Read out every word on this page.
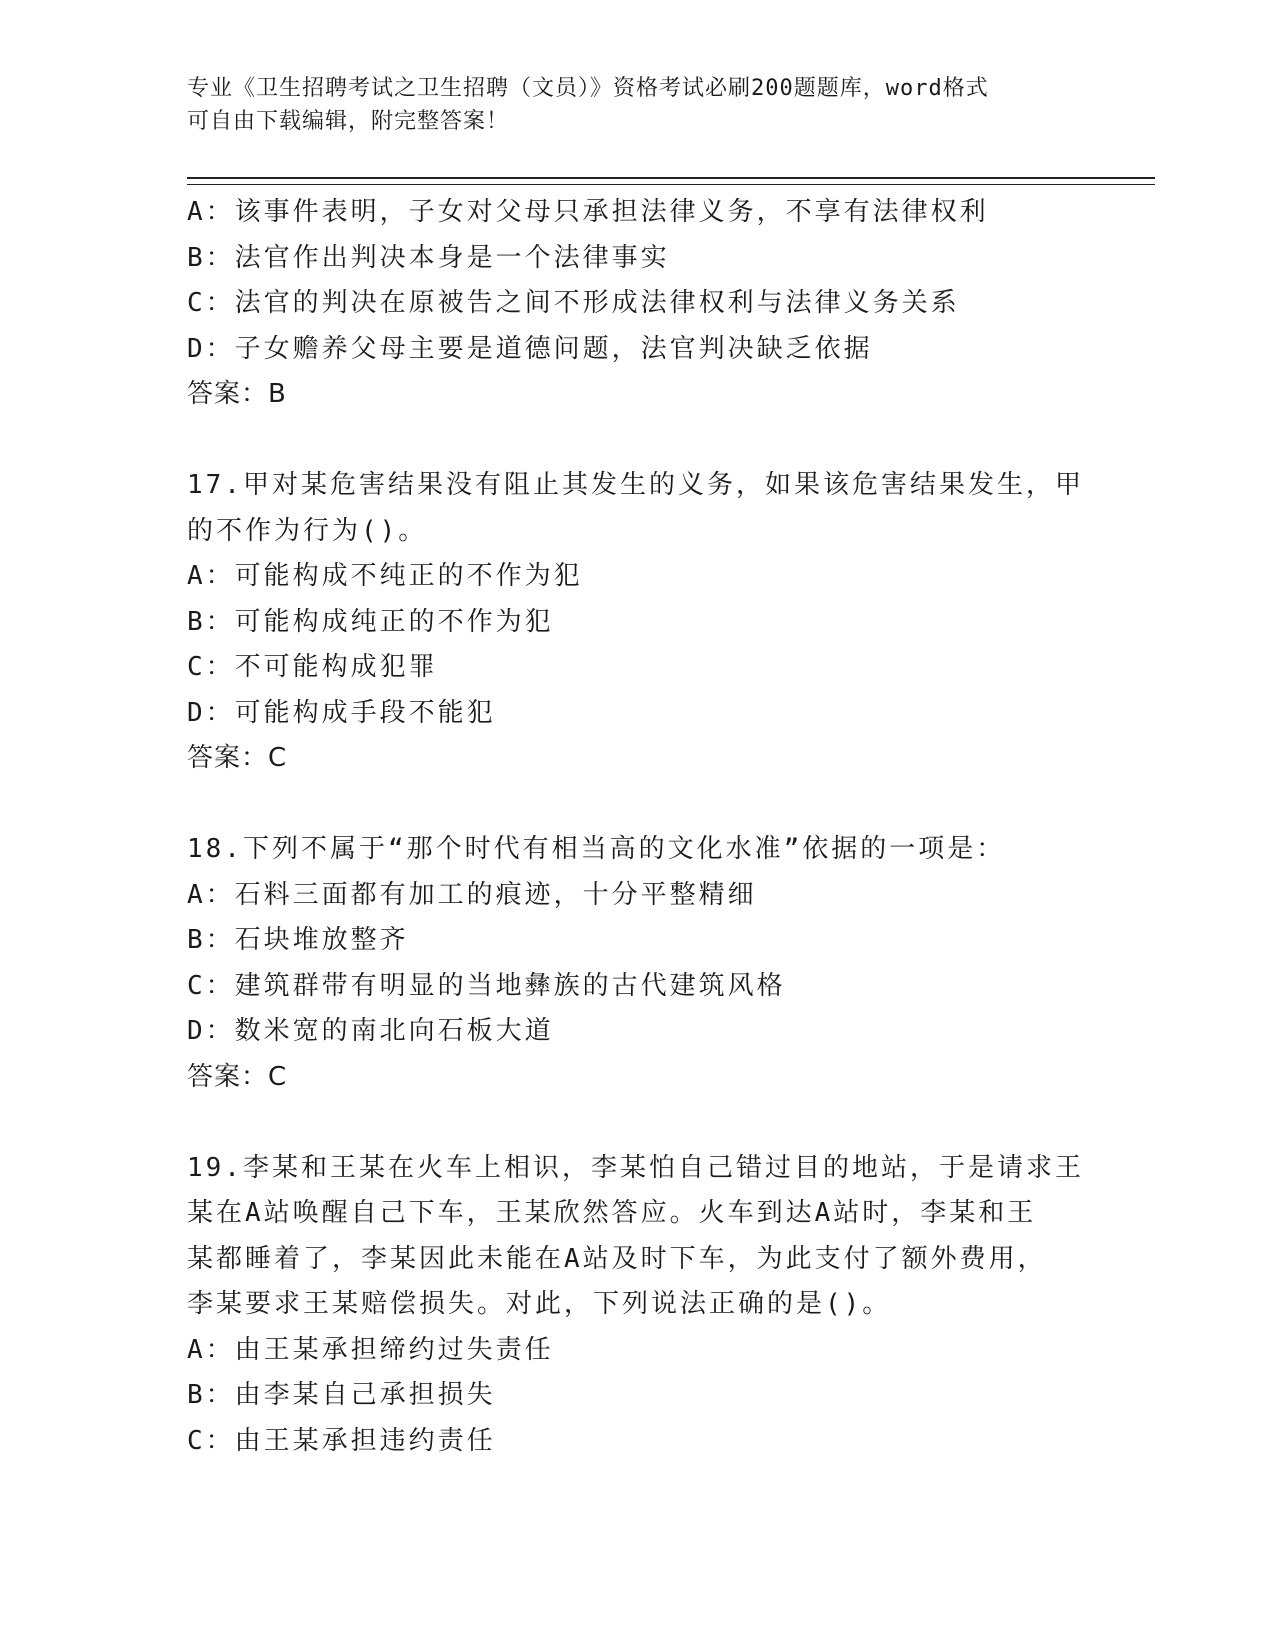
专业《卫生招聘考试之卫生招聘（文员）》资格考试必刷200题题库，word格式
可自由下载编辑，附完整答案！
A：该事件表明，子女对父母只承担法律义务，不享有法律权利
B：法官作出判决本身是一个法律事实
C：法官的判决在原被告之间不形成法律权利与法律义务关系
D：子女赡养父母主要是道德问题，法官判决缺乏依据
答案：B
17.甲对某危害结果没有阻止其发生的义务，如果该危害结果发生，甲
的不作为行为()。
A：可能构成不纯正的不作为犯
B：可能构成纯正的不作为犯
C：不可能构成犯罪
D：可能构成手段不能犯
答案：C
18.下列不属于“那个时代有相当高的文化水准”依据的一项是：
A：石料三面都有加工的痕迹，十分平整精细
B：石块堆放整齐
C：建筑群带有明显的当地彝族的古代建筑风格
D：数米宽的南北向石板大道
答案：C
19.李某和王某在火车上相识，李某怕自己错过目的地站，于是请求王
某在A站唤醒自己下车，王某欣然答应。火车到达A站时，李某和王
某都睡着了，李某因此未能在A站及时下车，为此支付了额外费用，
李某要求王某赔偿损失。对此，下列说法正确的是()。
A：由王某承担缔约过失责任
B：由李某自己承担损失
C：由王某承担违约责任
